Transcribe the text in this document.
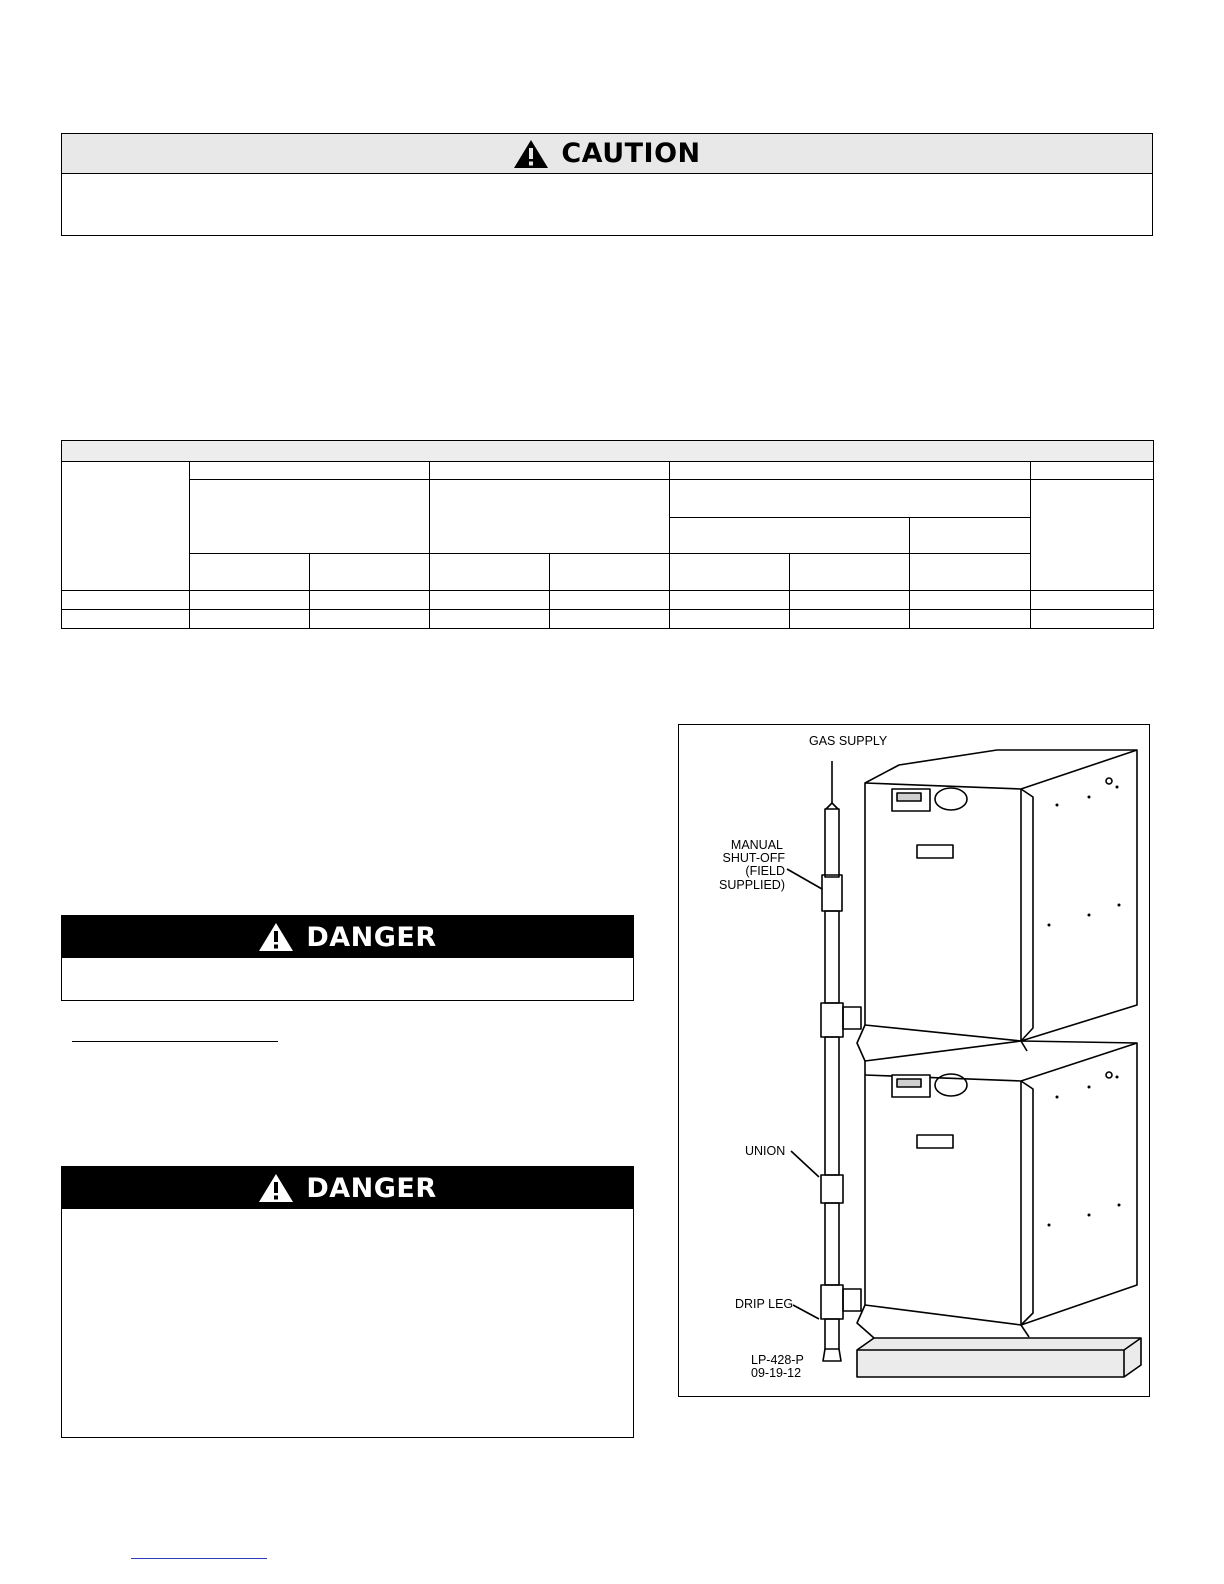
CAUTION

DANGER
DANGER
GAS SUPPLY
MANUAL
SHUT-OFF
(FIELD SUPPLIED)
UNION
DRIP LEG
LP-428-P
09-19-12
